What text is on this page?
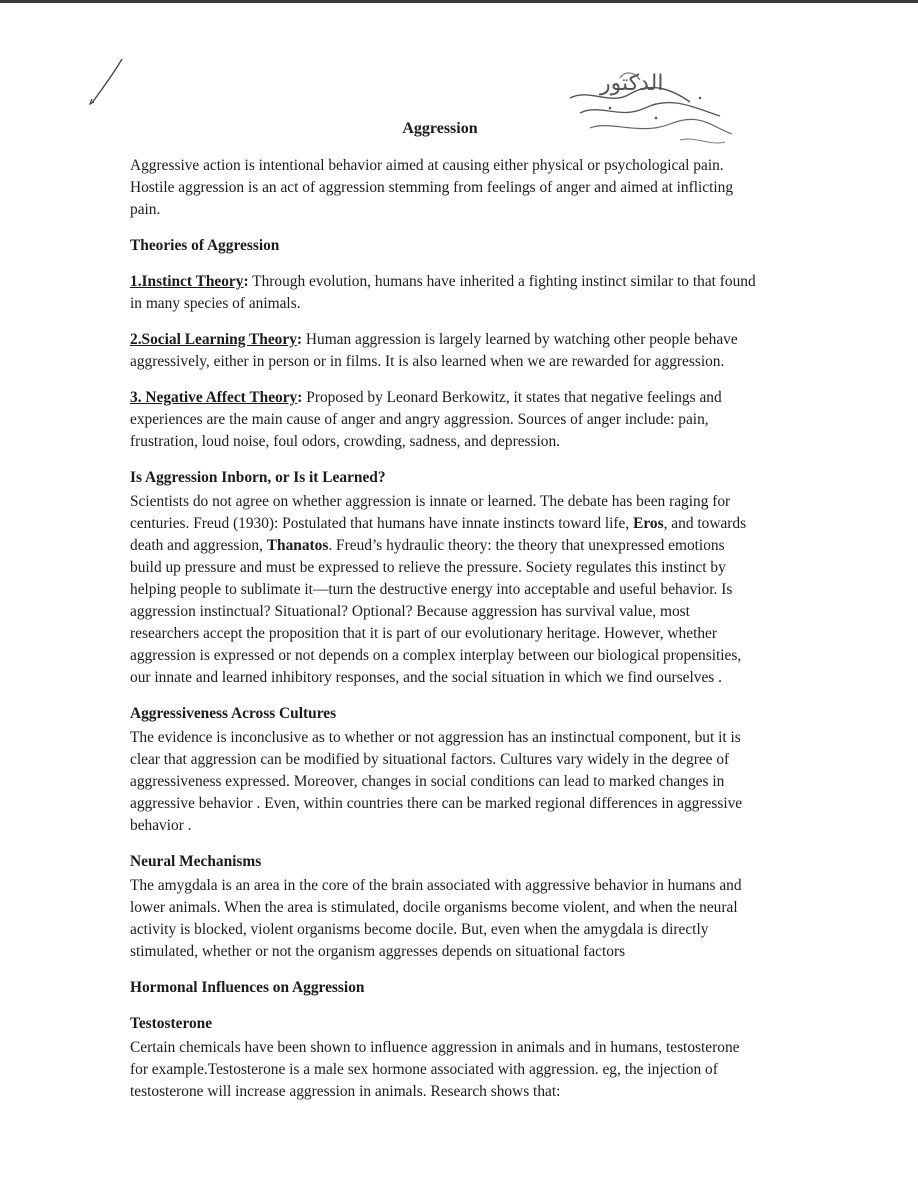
الدكتور
Aggression

Aggressive action is intentional behavior aimed at causing either physical or psychological pain. Hostile aggression is an act of aggression stemming from feelings of anger and aimed at inflicting pain.

Theories of Aggression

1.Instinct Theory: Through evolution, humans have inherited a fighting instinct similar to that found in many species of animals.

2.Social Learning Theory: Human aggression is largely learned by watching other people behave aggressively, either in person or in films. It is also learned when we are rewarded for aggression.

3. Negative Affect Theory: Proposed by Leonard Berkowitz, it states that negative feelings and experiences are the main cause of anger and angry aggression. Sources of anger include: pain, frustration, loud noise, foul odors, crowding, sadness, and depression.

Is Aggression Inborn, or Is it Learned?

Scientists do not agree on whether aggression is innate or learned. The debate has been raging for centuries. Freud (1930): Postulated that humans have innate instincts toward life, Eros, and towards death and aggression, Thanatos. Freud’s hydraulic theory: the theory that unexpressed emotions build up pressure and must be expressed to relieve the pressure. Society regulates this instinct by helping people to sublimate it—turn the destructive energy into acceptable and useful behavior. Is aggression instinctual? Situational? Optional? Because aggression has survival value, most researchers accept the proposition that it is part of our evolutionary heritage. However, whether aggression is expressed or not depends on a complex interplay between our biological propensities, our innate and learned inhibitory responses, and the social situation in which we find ourselves .

Aggressiveness Across Cultures

The evidence is inconclusive as to whether or not aggression has an instinctual component, but it is clear that aggression can be modified by situational factors. Cultures vary widely in the degree of aggressiveness expressed. Moreover, changes in social conditions can lead to marked changes in aggressive behavior . Even, within countries there can be marked regional differences in aggressive behavior .

Neural Mechanisms

The amygdala is an area in the core of the brain associated with aggressive behavior in humans and lower animals. When the area is stimulated, docile organisms become violent, and when the neural activity is blocked, violent organisms become docile. But, even when the amygdala is directly stimulated, whether or not the organism aggresses depends on situational factors

Hormonal Influences on Aggression
Testosterone

Certain chemicals have been shown to influence aggression in animals and in humans, testosterone for example.Testosterone is a male sex hormone associated with aggression. eg, the injection of testosterone will increase aggression in animals. Research shows that:
